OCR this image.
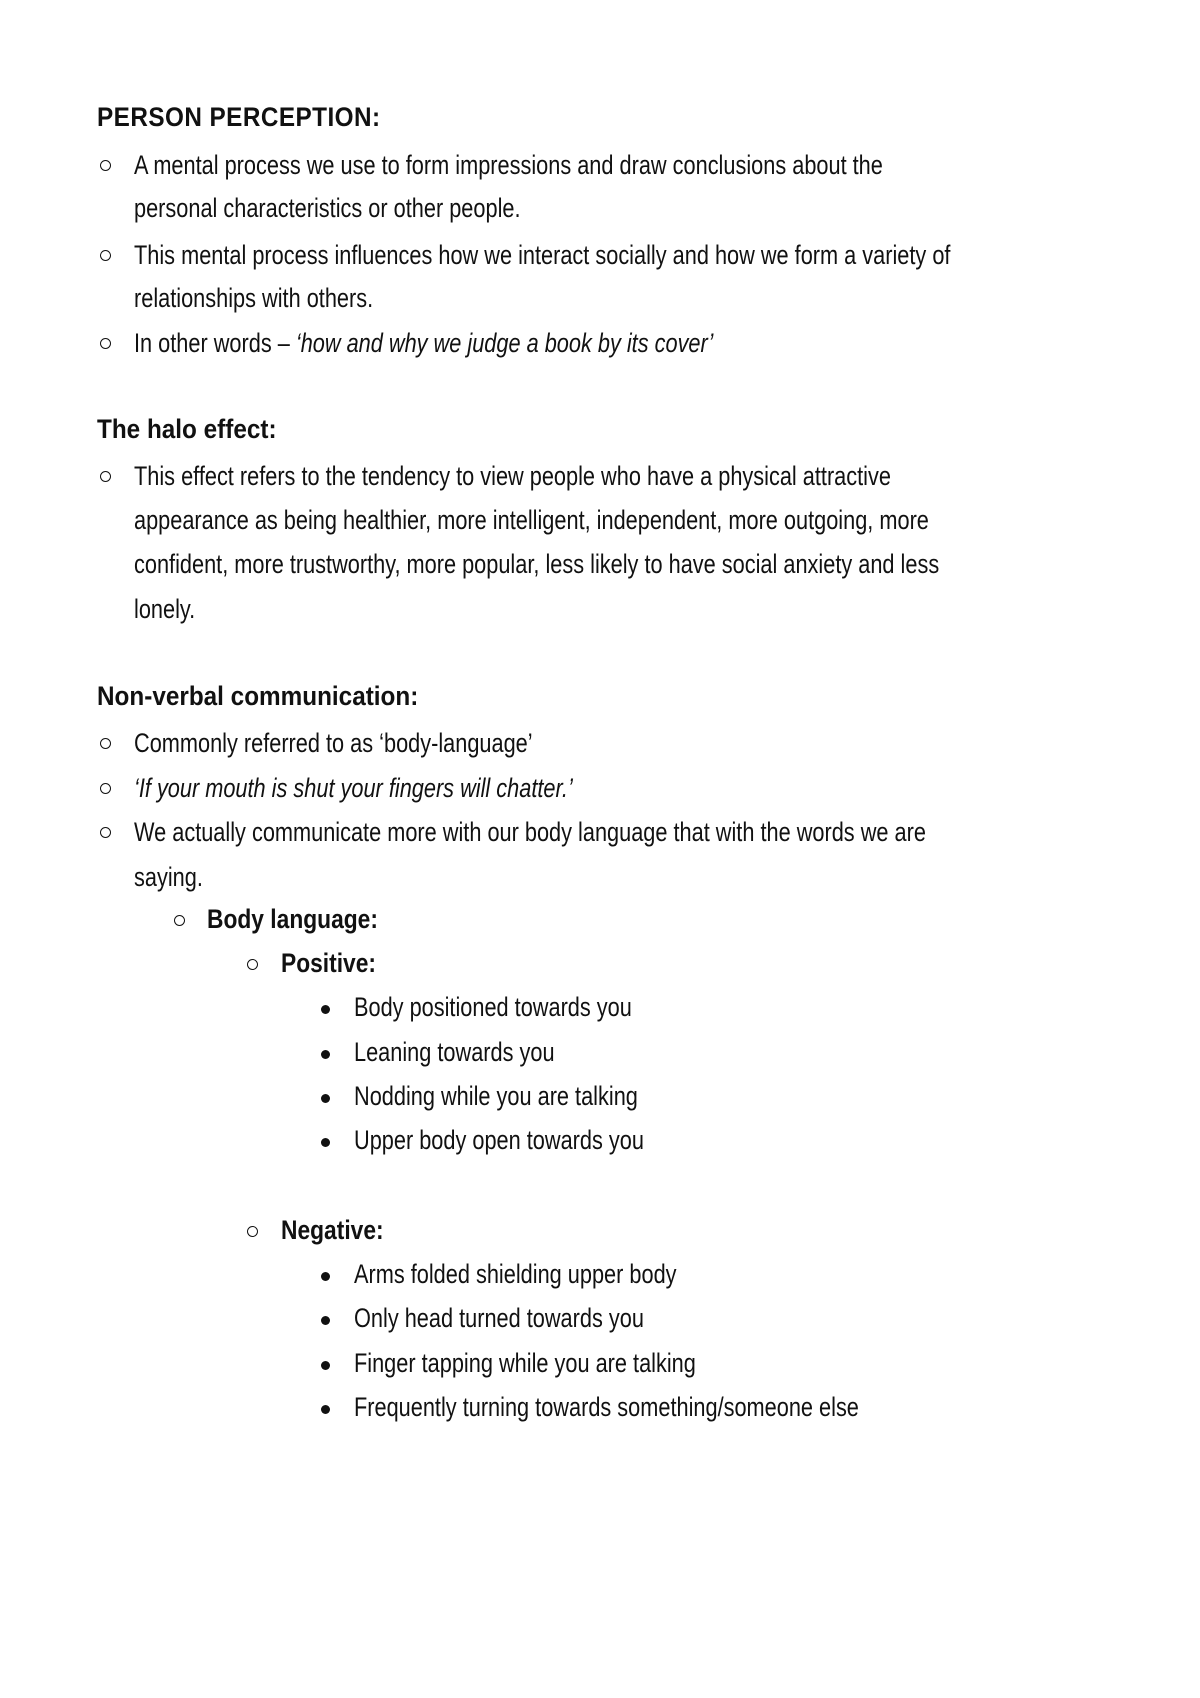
PERSON PERCEPTION:
A mental process we use to form impressions and draw conclusions about the
personal characteristics or other people.
This mental process influences how we interact socially and how we form a variety of
relationships with others.
In other words – ‘how and why we judge a book by its cover’
The halo effect:
This effect refers to the tendency to view people who have a physical attractive
appearance as being healthier, more intelligent, independent, more outgoing, more
confident, more trustworthy, more popular, less likely to have social anxiety and less
lonely.
Non-verbal communication:
Commonly referred to as ‘body-language’
‘If your mouth is shut your fingers will chatter.’
We actually communicate more with our body language that with the words we are
saying.
Body language:
Positive:
Body positioned towards you
Leaning towards you
Nodding while you are talking
Upper body open towards you
Negative:
Arms folded shielding upper body
Only head turned towards you
Finger tapping while you are talking
Frequently turning towards something/someone else
